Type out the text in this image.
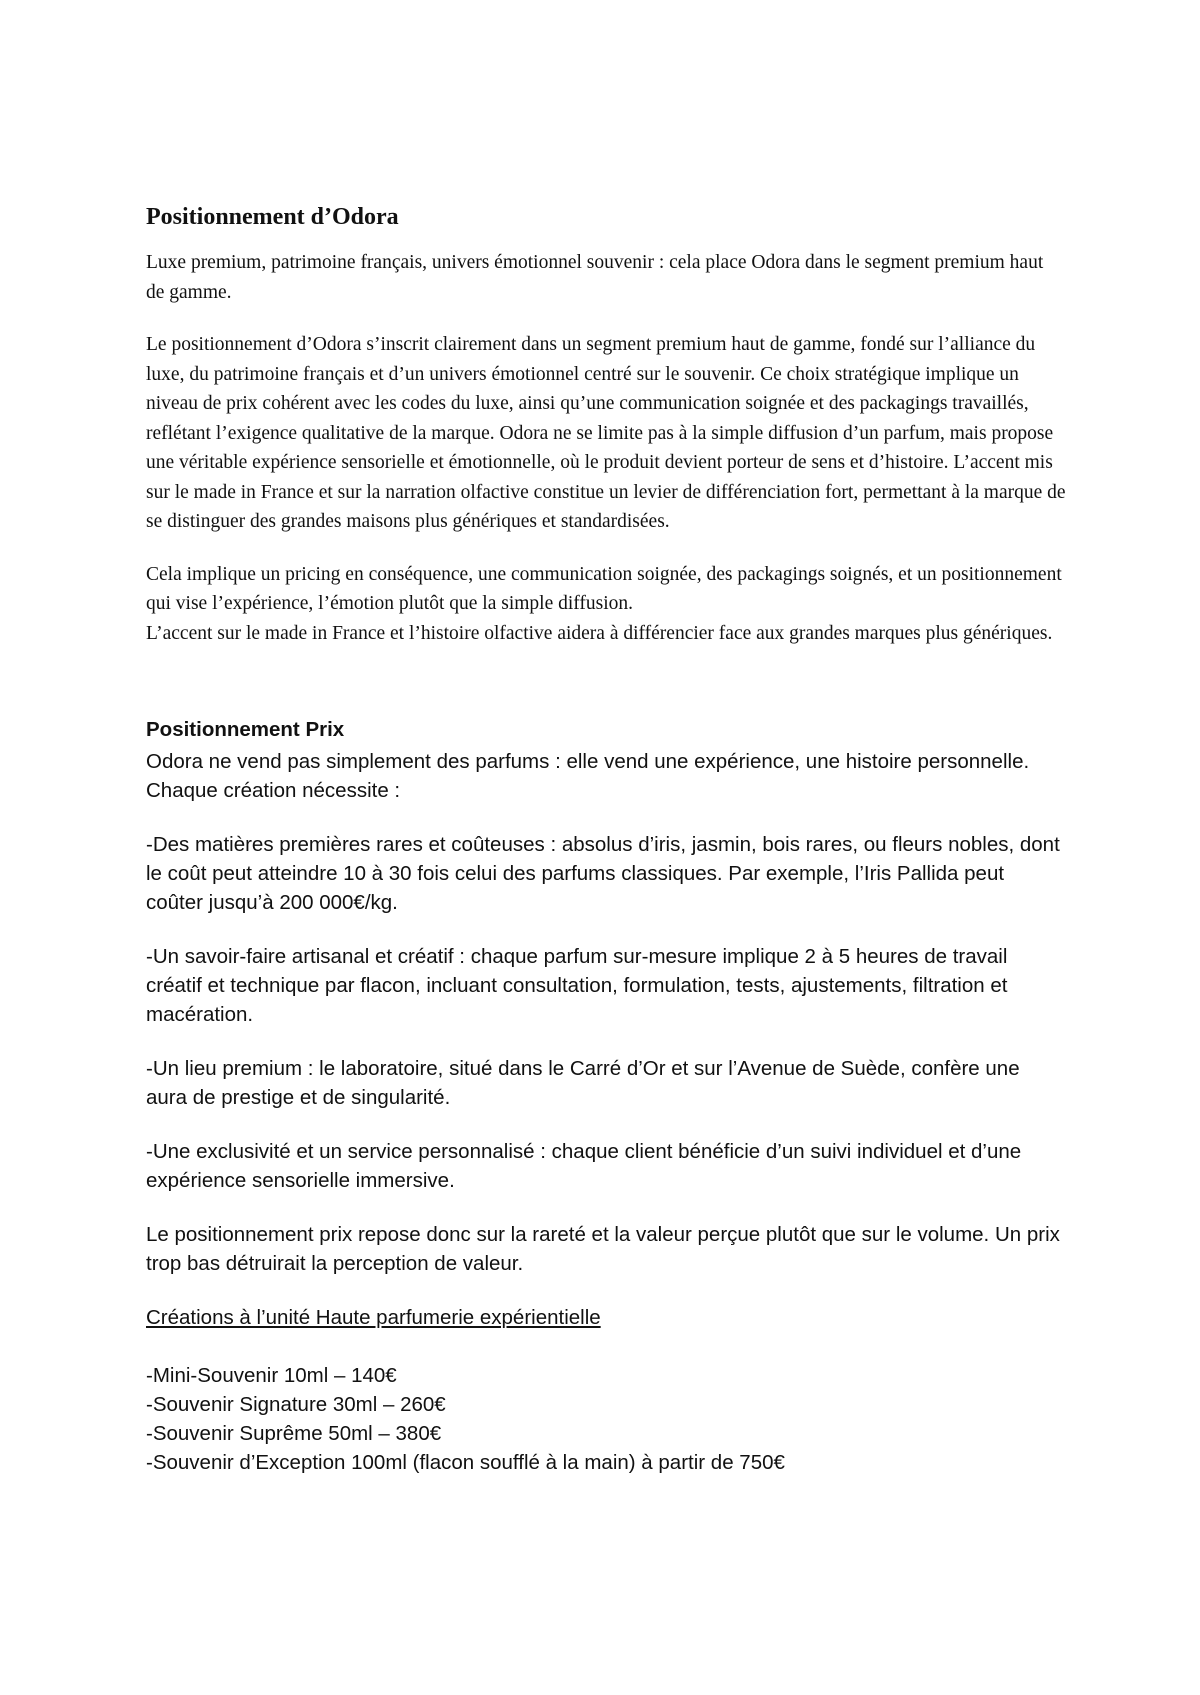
Positionnement d’Odora

Luxe premium, patrimoine français, univers émotionnel souvenir : cela place Odora dans le segment premium haut de gamme.

Le positionnement d’Odora s’inscrit clairement dans un segment premium haut de gamme, fondé sur l’alliance du luxe, du patrimoine français et d’un univers émotionnel centré sur le souvenir. Ce choix stratégique implique un niveau de prix cohérent avec les codes du luxe, ainsi qu’une communication soignée et des packagings travaillés, reflétant l’exigence qualitative de la marque. Odora ne se limite pas à la simple diffusion d’un parfum, mais propose une véritable expérience sensorielle et émotionnelle, où le produit devient porteur de sens et d’histoire. L’accent mis sur le made in France et sur la narration olfactive constitue un levier de différenciation fort, permettant à la marque de se distinguer des grandes maisons plus génériques et standardisées.

Cela implique un pricing en conséquence, une communication soignée, des packagings soignés, et un positionnement qui vise l’expérience, l’émotion plutôt que la simple diffusion.

L’accent sur le made in France et l’histoire olfactive aidera à différencier face aux grandes marques plus génériques.

Positionnement Prix

Odora ne vend pas simplement des parfums : elle vend une expérience, une histoire personnelle. Chaque création nécessite :

-Des matières premières rares et coûteuses : absolus d’iris, jasmin, bois rares, ou fleurs nobles, dont le coût peut atteindre 10 à 30 fois celui des parfums classiques. Par exemple, l’Iris Pallida peut coûter jusqu’à 200 000€/kg.

-Un savoir-faire artisanal et créatif : chaque parfum sur-mesure implique 2 à 5 heures de travail créatif et technique par flacon, incluant consultation, formulation, tests, ajustements, filtration et macération.

-Un lieu premium : le laboratoire, situé dans le Carré d’Or et sur l’Avenue de Suède, confère une aura de prestige et de singularité.

-Une exclusivité et un service personnalisé : chaque client bénéficie d’un suivi individuel et d’une expérience sensorielle immersive.

Le positionnement prix repose donc sur la rareté et la valeur perçue plutôt que sur le volume. Un prix trop bas détruirait la perception de valeur.

Créations à l’unité Haute parfumerie expérientielle

-Mini-Souvenir 10ml – 140€
-Souvenir Signature 30ml – 260€
-Souvenir Suprême 50ml – 380€
-Souvenir d’Exception 100ml (flacon soufflé à la main) à partir de 750€
